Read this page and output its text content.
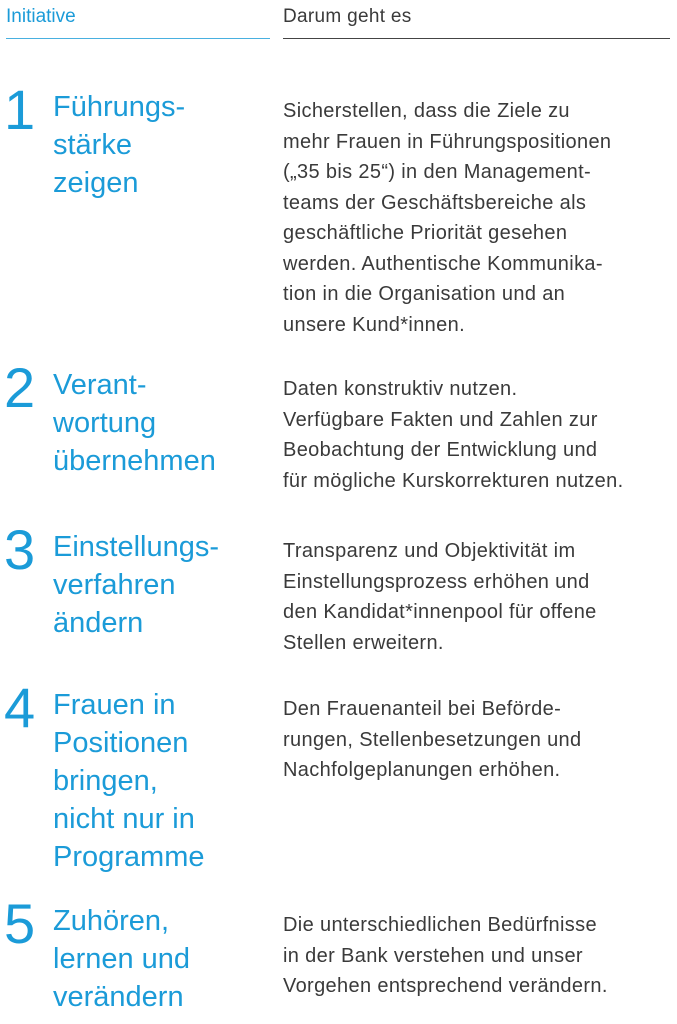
Initiative	Darum geht es
1 Führungs-
stärke
zeigen
Sicherstellen, dass die Ziele zu
mehr Frauen in Führungspositionen
(„35 bis 25“) in den Management-
teams der Geschäftsbereiche als
geschäftliche Priorität gesehen
werden. Authentische Kommunika-
tion in die Organisation und an
unsere Kund*innen.
2 Verant-
wortung
übernehmen
Daten konstruktiv nutzen.
Verfügbare Fakten und Zahlen zur
Beobachtung der Entwicklung und
für mögliche Kurskorrekturen nutzen.
3 Einstellungs-
verfahren
ändern
Transparenz und Objektivität im
Einstellungsprozess erhöhen und
den Kandidat*innenpool für offene
Stellen erweitern.
4 Frauen in
Positionen
bringen,
nicht nur in
Programme
Den Frauenanteil bei Beförde-
rungen, Stellenbesetzungen und
Nachfolgeplanungen erhöhen.
5 Zuhören,
lernen und
verändern
Die unterschiedlichen Bedürfnisse
in der Bank verstehen und unser
Vorgehen entsprechend verändern.
